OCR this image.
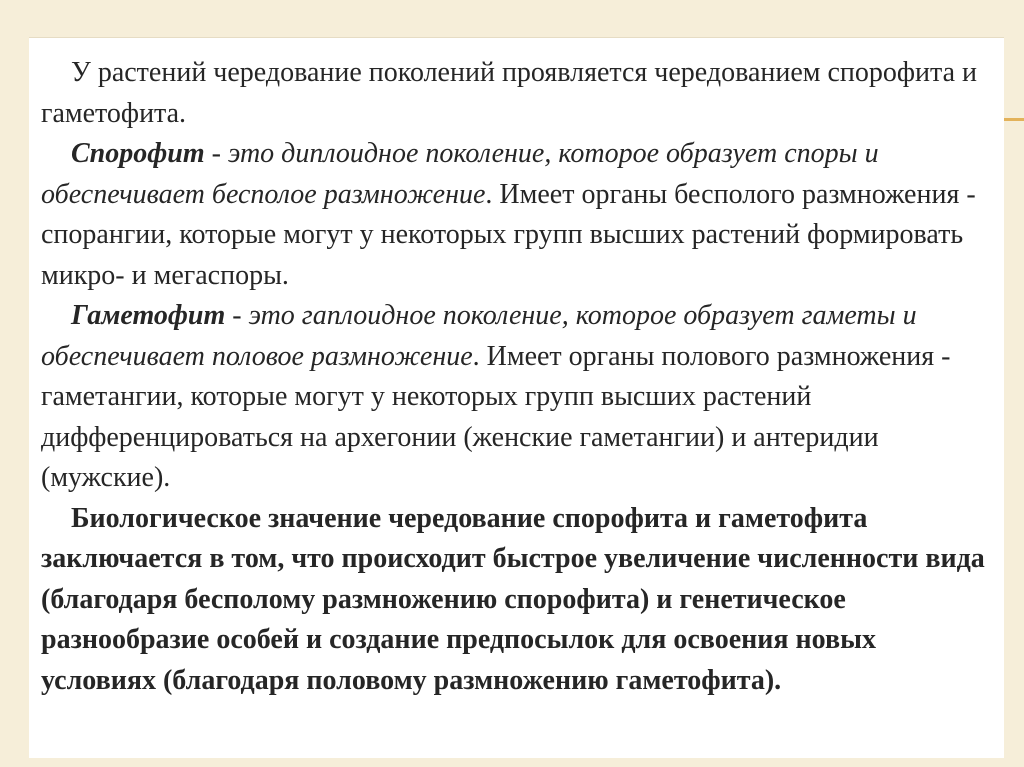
У растений чередование поколений проявляется чередованием спорофита и гаметофита.

Спорофит - это диплоидное поколение, которое образует споры и обеспечивает бесполое размножение. Имеет органы бесполого размножения - спорангии, которые могут у некоторых групп высших растений формировать микро- и мегаспоры.

Гаметофит - это гаплоидное поколение, которое образует гаметы и обеспечивает половое размножение. Имеет органы полового размножения - гаметангии, которые могут у некоторых групп высших растений дифференцироваться на архегонии (женские гаметангии) и антеридии (мужские).

Биологическое значение чередование спорофита и гаметофита заключается в том, что происходит быстрое увеличение численности вида (благодаря бесполому размножению спорофита) и генетическое разнообразие особей и создание предпосылок для освоения новых условиях (благодаря половому размножению гаметофита).
